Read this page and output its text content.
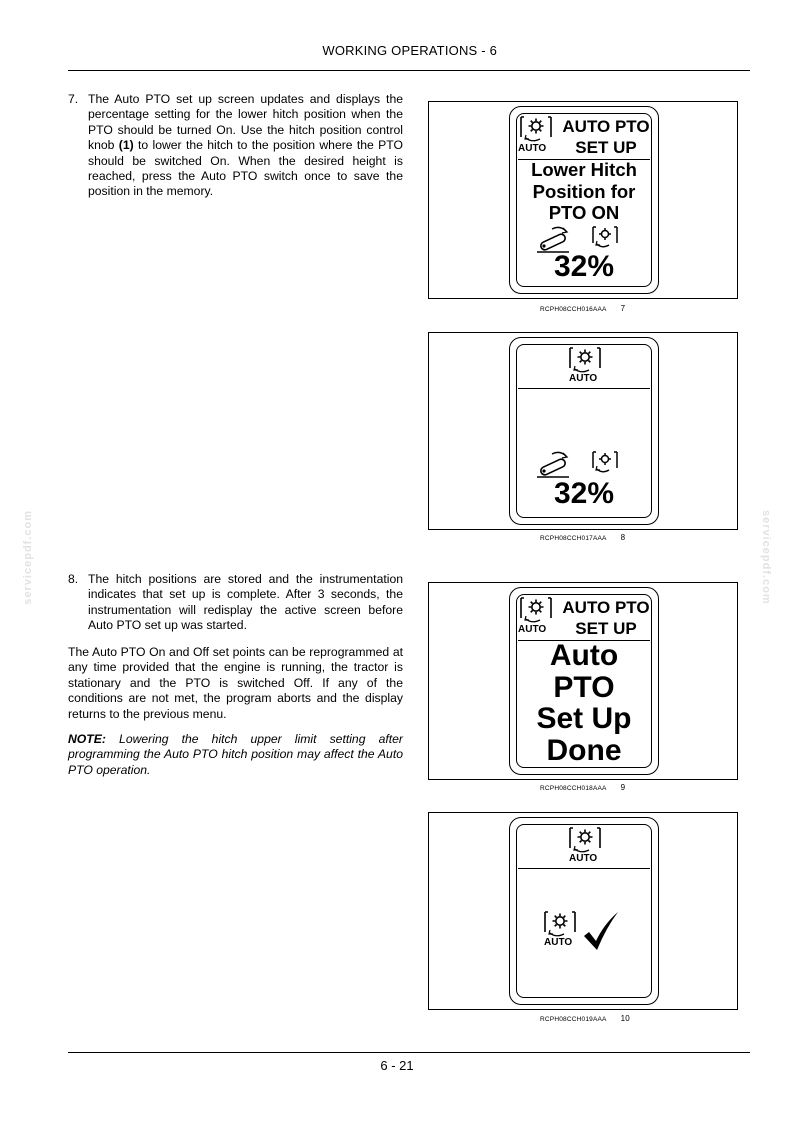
WORKING OPERATIONS - 6
servicepdf.com	servicepdf.com
7. The Auto PTO set up screen updates and displays the percentage setting for the lower hitch position when the PTO should be turned On. Use the hitch position control knob (1) to lower the hitch to the position where the PTO should be switched On. When the desired height is reached, press the Auto PTO switch once to save the position in the memory.
8. The hitch positions are stored and the instrumentation indicates that set up is complete. After 3 seconds, the instrumentation will redisplay the active screen before Auto PTO set up was started.
The Auto PTO On and Off set points can be reprogrammed at any time provided that the engine is running, the tractor is stationary and the PTO is switched Off. If any of the conditions are not met, the program aborts and the display returns to the previous menu.
NOTE: Lowering the hitch upper limit setting after programming the Auto PTO hitch position may affect the Auto PTO operation.
AUTO
AUTO PTO
SET UP
Lower Hitch
Position for
PTO ON
32%
RCPH08CCH016AAA 7
AUTO
32%
RCPH08CCH017AAA 8
AUTO
AUTO PTO
SET UP
Auto
PTO
Set Up
Done
RCPH08CCH018AAA 9
AUTO
AUTO
RCPH08CCH019AAA 10
6 - 21
